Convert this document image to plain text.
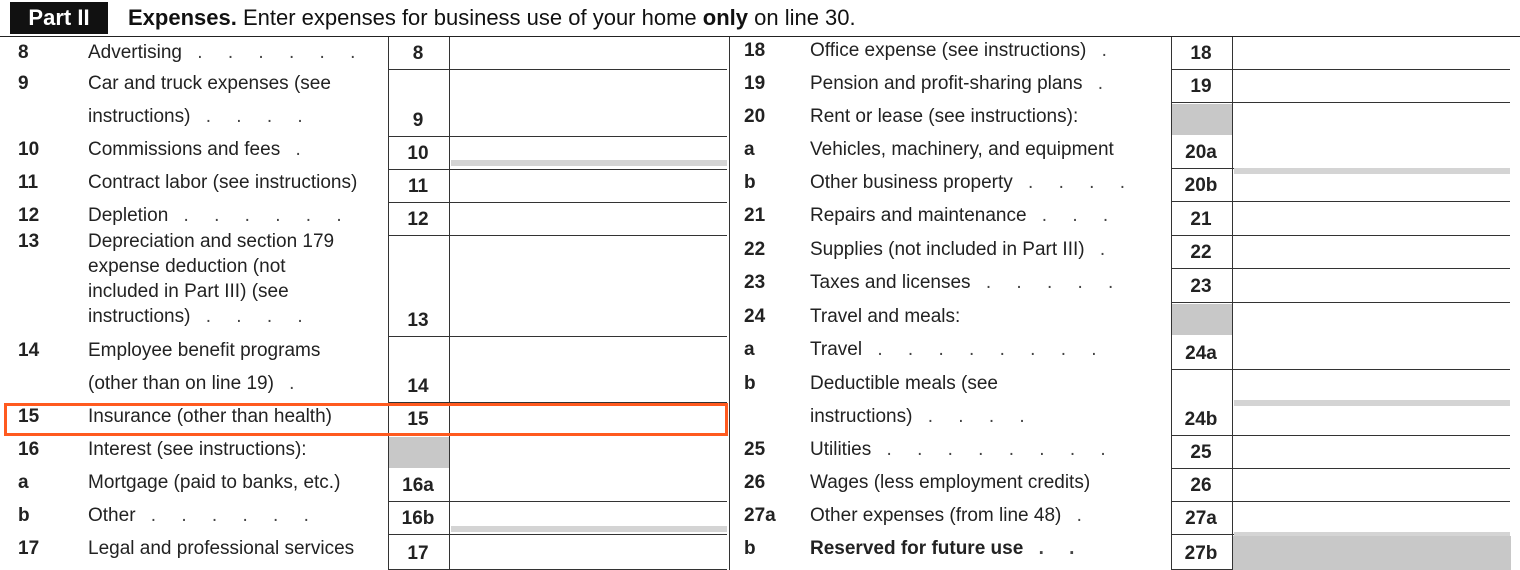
Part II	Expenses. Enter expenses for business use of your home only on line 30.
8	Advertising . . .	8
9	Car and truck expenses (see
instructions) . . . .	9
10	Commissions and fees .	10
11	Contract labor (see instructions)	11
12	Depletion . . .	12
13	Depreciation and section 179
expense deduction (not
included in Part III) (see
instructions) . . . .	13
14	Employee benefit programs
(other than on line 19) .	14
15	Insurance (other than health)	15
16	Interest (see instructions):
a	Mortgage (paid to banks, etc.)	16a
b	Other . . .	16b
17	Legal and professional services	17
18 Office expense (see instructions) .	18
19 Pension and profit-sharing plans .	19
20 Rent or lease (see instructions):
a	Vehicles, machinery, and equipment	20a
b	Other business property . . . .	20b
21 Repairs and maintenance . . .	21
22 Supplies (not included in Part III) .	22
23 Taxes and licenses . . .	23
24 Travel and meals:
a	Travel . . .	24a
b	Deductible meals (see
instructions) . . . .	24b
25 Utilities . . .	25
26 Wages (less employment credits)	26
27a Other expenses (from line 48) .	27a
b	Reserved for future use . .	27b
